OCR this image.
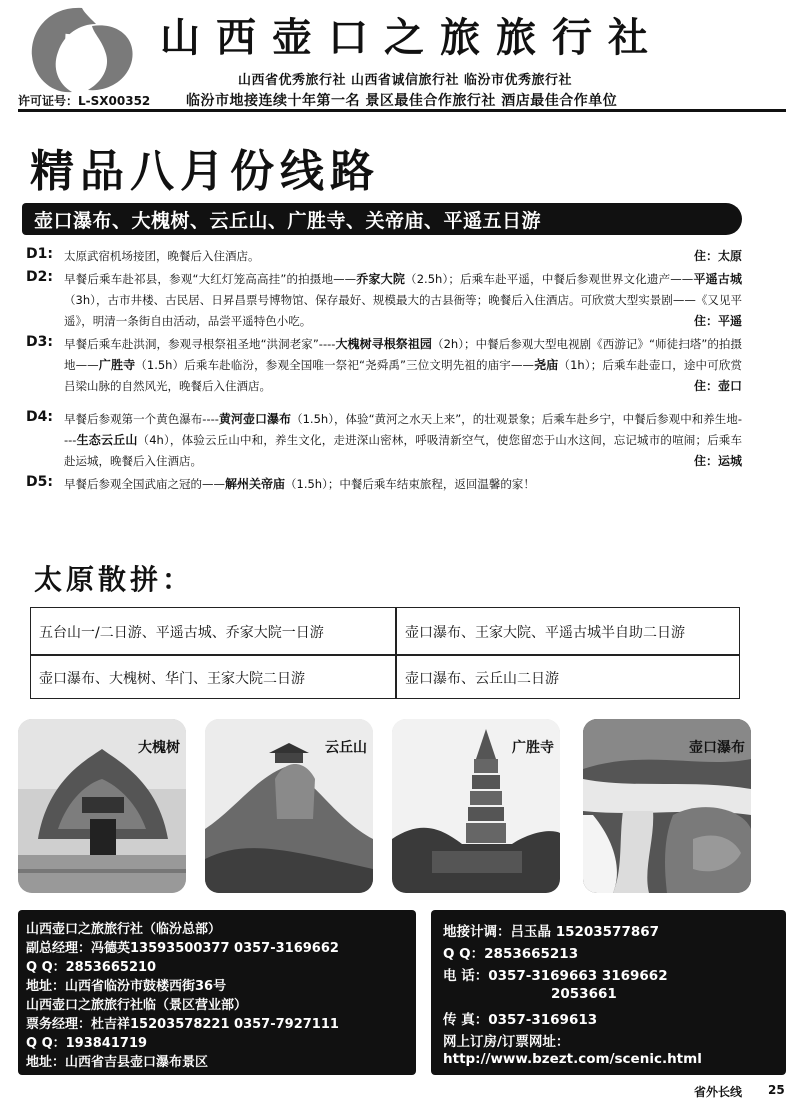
山西壶口之旅旅行社
山西省优秀旅行社 山西省诚信旅行社 临汾市优秀旅行社
许可证号：L-SX00352	临汾市地接连续十年第一名 景区最佳合作旅行社 酒店最佳合作单位
精品八月份线路
壶口瀑布、大槐树、云丘山、广胜寺、关帝庙、平遥五日游
D1: 太原武宿机场接团，晚餐后入住酒店。	住：太原
D2: 早餐后乘车赴祁县，参观“大红灯笼高高挂”的拍摄地——乔家大院（2.5h）；后乘车赴平遥，中餐后参观世界文化遗产——平遥古城（3h），古市井楼、古民居、日昇昌票号博物馆、保存最好、规模最大的古县衙等；晚餐后入住酒店。可欣赏大型实景剧——《又见平遥》，明清一条街自由活动，品尝平遥特色小吃。	住：平遥
D3: 早餐后乘车赴洪洞，参观寻根祭祖圣地“洪洞老家”----大槐树寻根祭祖园（2h）；中餐后参观大型电视剧《西游记》“师徒扫塔”的拍摄地——广胜寺（1.5h）后乘车赴临汾，参观全国唯一祭祀“尧舜禹”三位文明先祖的庙宇——尧庙（1h）；后乘车赴壶口，途中可欣赏吕梁山脉的自然风光，晚餐后入住酒店。	住：壶口
D4: 早餐后参观第一个黄色瀑布----黄河壶口瀑布（1.5h），体验“黄河之水天上来”，的壮观景象；后乘车赴乡宁，中餐后参观中和养生地----生态云丘山（4h），体验云丘山中和，养生文化，走进深山密林，呼吸清新空气，使您留恋于山水这间，忘记城市的喧闹；后乘车赴运城，晚餐后入住酒店。	住：运城
D5: 早餐后参观全国武庙之冠的——解州关帝庙（1.5h）；中餐后乘车结束旅程，返回温馨的家！
太原散拼：
五台山一/二日游、平遥古城、乔家大院一日游	壶口瀑布、王家大院、平遥古城半自助二日游
壶口瀑布、大槐树、华门、王家大院二日游	壶口瀑布、云丘山二日游
大槐树	云丘山	广胜寺	壶口瀑布
山西壶口之旅旅行社（临汾总部）
副总经理：冯德英13593500377 0357-3169662
Q Q：2853665210
地址：山西省临汾市鼓楼西街36号
山西壶口之旅旅行社临（景区营业部）
票务经理：杜吉祥15203578221 0357-7927111
Q Q：193841719
地址：山西省吉县壶口瀑布景区
地接计调：吕玉晶 15203577867
Q Q：2853665213
电 话：0357-3169663 3169662
2053661
传 真：0357-3169613
网上订房/订票网址：
http://www.bzezt.com/scenic.html
省外长线 25
